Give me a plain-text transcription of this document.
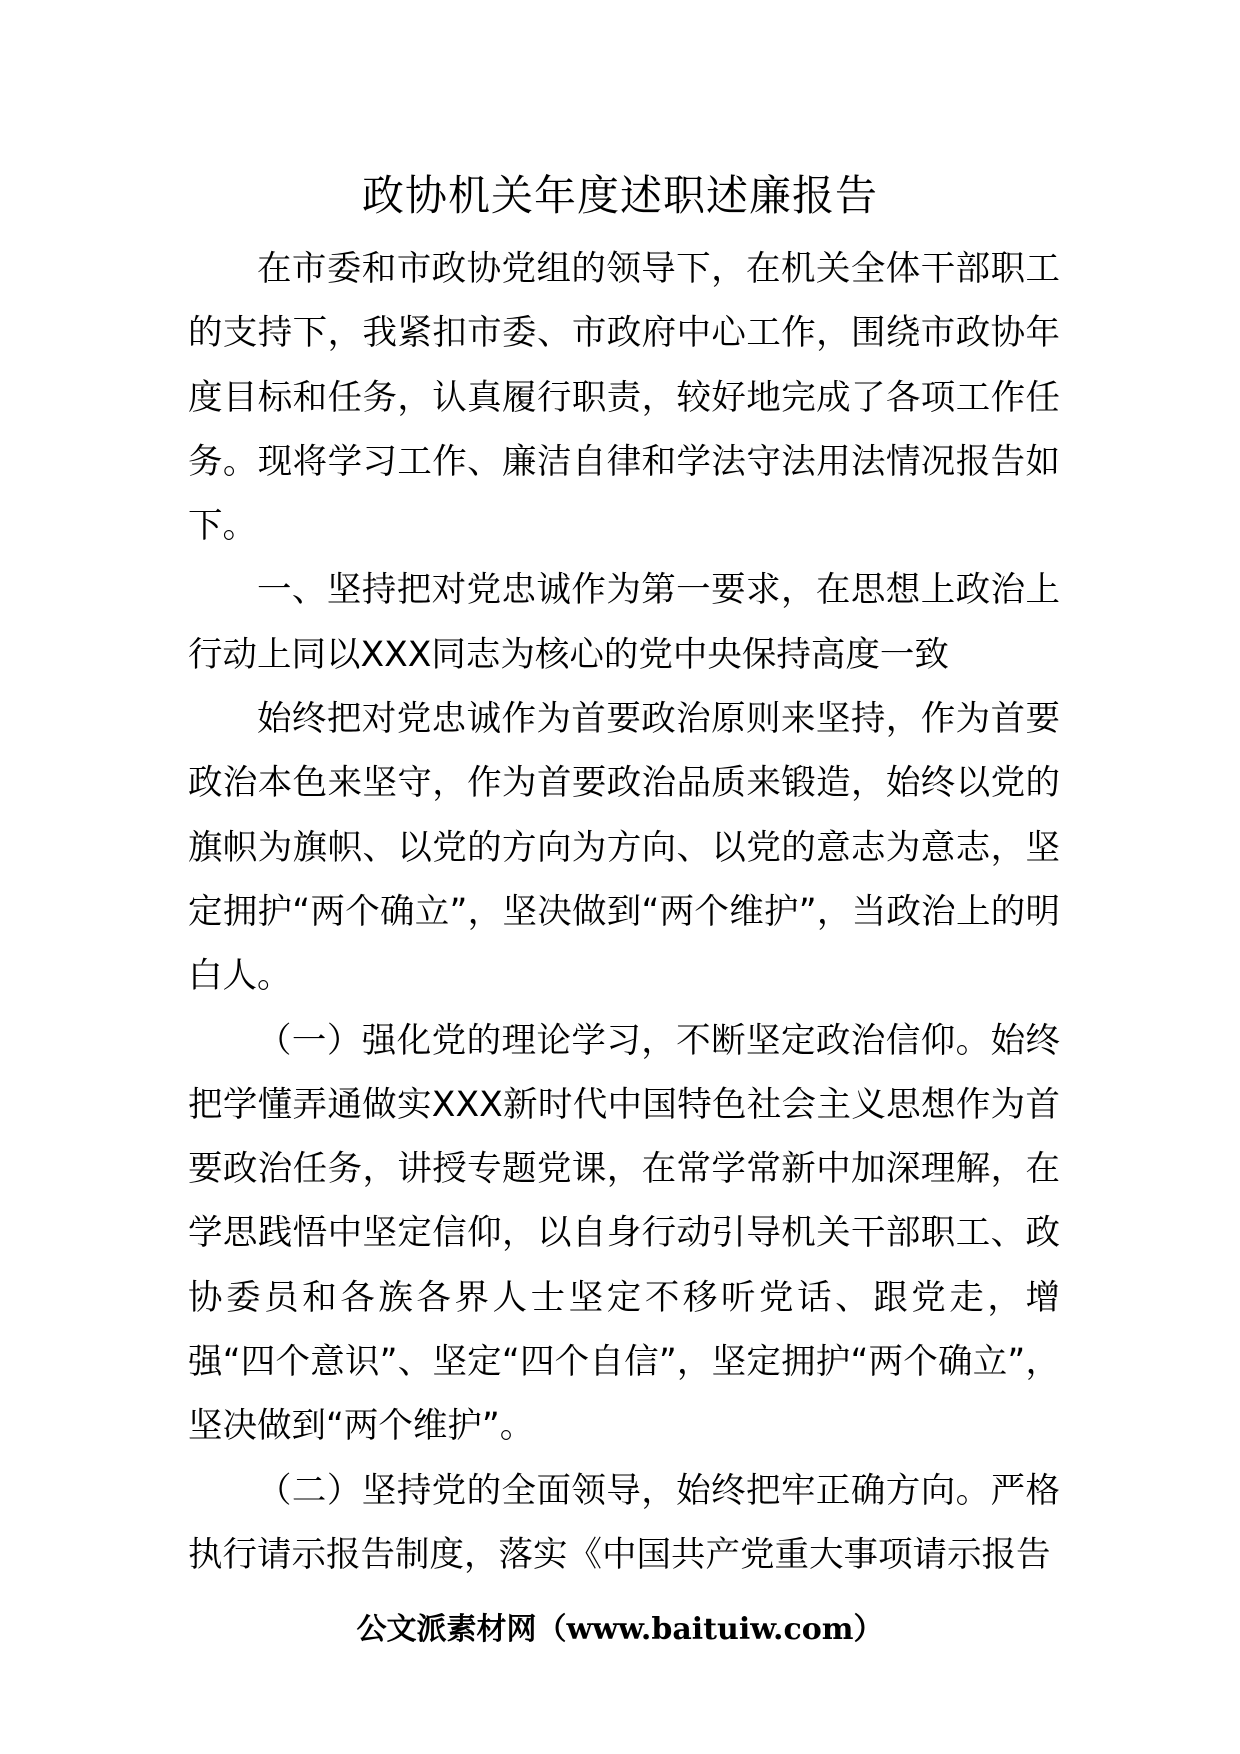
政协机关年度述职述廉报告

在市委和市政协党组的领导下，在机关全体干部职工的支持下，我紧扣市委、市政府中心工作，围绕市政协年度目标和任务，认真履行职责，较好地完成了各项工作任务。现将学习工作、廉洁自律和学法守法用法情况报告如下。

一、坚持把对党忠诚作为第一要求，在思想上政治上行动上同以XXX同志为核心的党中央保持高度一致

始终把对党忠诚作为首要政治原则来坚持，作为首要政治本色来坚守，作为首要政治品质来锻造，始终以党的旗帜为旗帜、以党的方向为方向、以党的意志为意志，坚定拥护“两个确立”，坚决做到“两个维护”，当政治上的明白人。

（一）强化党的理论学习，不断坚定政治信仰。始终把学懂弄通做实XXX新时代中国特色社会主义思想作为首要政治任务，讲授专题党课，在常学常新中加深理解，在学思践悟中坚定信仰，以自身行动引导机关干部职工、政协委员和各族各界人士坚定不移听党话、跟党走，增强“四个意识”、坚定“四个自信”，坚定拥护“两个确立”，坚决做到“两个维护”。

（二）坚持党的全面领导，始终把牢正确方向。严格执行请示报告制度，落实《中国共产党重大事项请示报告

公文派素材网（www.baituiw.com）
